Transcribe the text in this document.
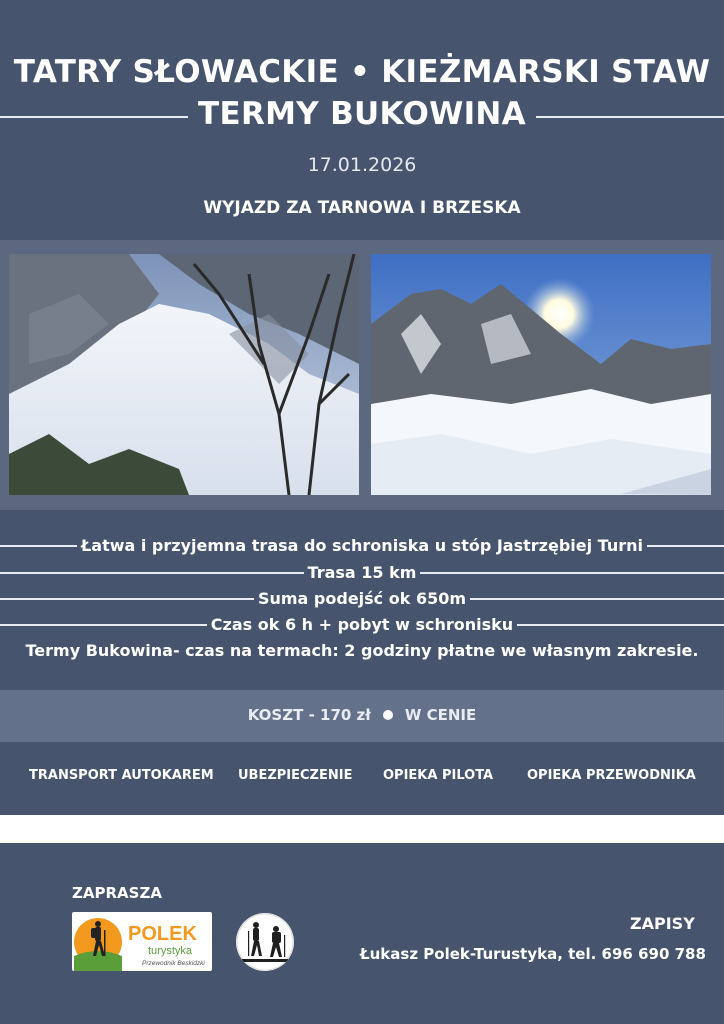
TATRY SŁOWACKIE • KIEŻMARSKI STAW
TERMY BUKOWINA
17.01.2026
WYJAZD ZA TARNOWA I BRZESKA
Łatwa i przyjemna trasa do schroniska u stóp Jastrzębiej Turni
Trasa 15 km
Suma podejść ok 650m
Czas ok 6 h + pobyt w schronisku
Termy Bukowina- czas na termach: 2 godziny płatne we własnym zakresie.
KOSZT - 170 zł W CENIE
TRANSPORT AUTOKAREM UBEZPIECZENIE OPIEKA PILOTA	OPIEKA PRZEWODNIKA
ZAPRASZA
POLEK
turystyka
Przewodnik Beskidzki
ZAPISY
Łukasz Polek-Turustyka, tel. 696 690 788
